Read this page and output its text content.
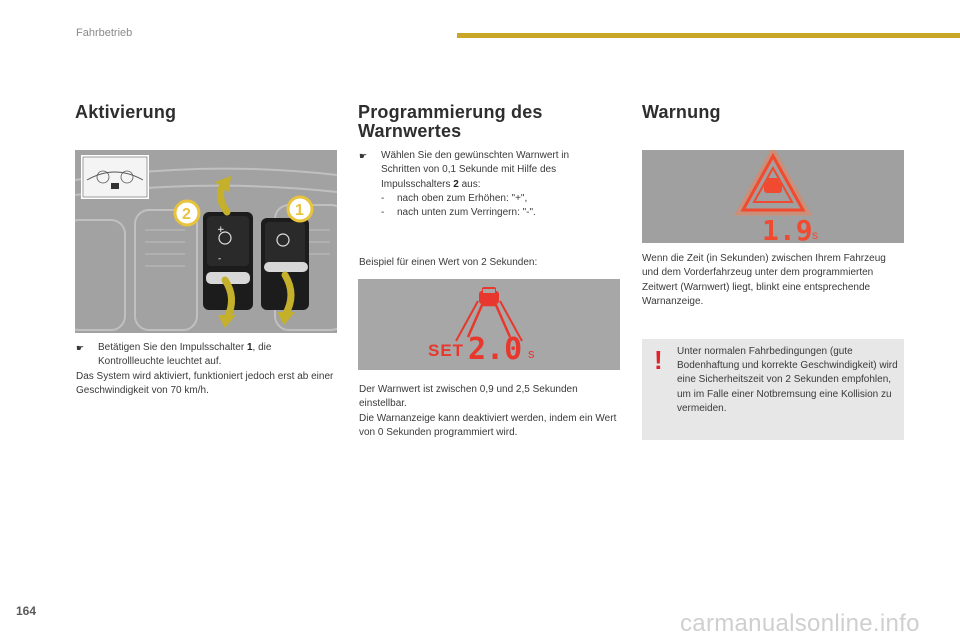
Fahrbetrieb
Aktivierung
+
-
2	1
☛ Betätigen Sie den Impulsschalter 1, die Kontrollleuchte leuchtet auf.
Das System wird aktiviert, funktioniert jedoch erst ab einer Geschwindigkeit von 70 km/h.
Programmierung des Warnwertes
☛ Wählen Sie den gewünschten Warnwert in Schritten von 0,1 Sekunde mit Hilfe des Impulsschalters 2 aus:
- nach oben zum Erhöhen: "+",
- nach unten zum Verringern: "-".
Beispiel für einen Wert von 2 Sekunden:
SET 2.0 s
Der Warnwert ist zwischen 0,9 und 2,5 Sekunden einstellbar.
Die Warnanzeige kann deaktiviert werden, indem ein Wert von 0 Sekunden programmiert wird.
Warnung
1.9 s
Wenn die Zeit (in Sekunden) zwischen Ihrem Fahrzeug und dem Vorderfahrzeug unter dem programmierten Zeitwert (Warnwert) liegt, blinkt eine entsprechende Warnanzeige.
! Unter normalen Fahrbedingungen (gute Bodenhaftung und korrekte Geschwindigkeit) wird eine Sicherheitszeit von 2 Sekunden empfohlen, um im Falle einer Notbremsung eine Kollision zu vermeiden.
164	carmanualsonline.info
